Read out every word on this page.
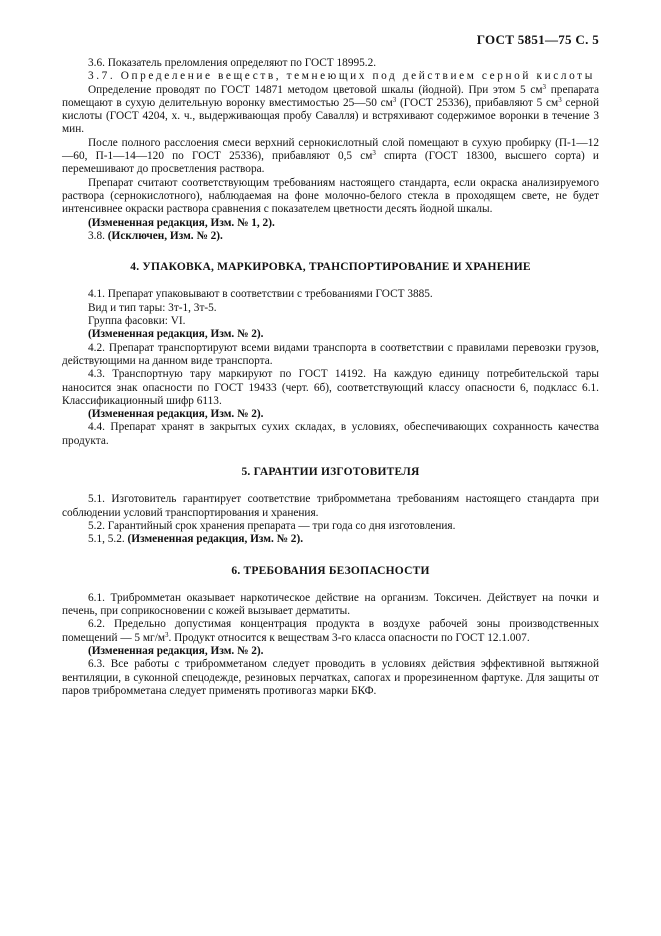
ГОСТ 5851—75 С. 5

3.6. Показатель преломления определяют по ГОСТ 18995.2.

3.7. Определение веществ, темнеющих под действием серной кислоты

Определение проводят по ГОСТ 14871 методом цветовой шкалы (йодной). При этом 5 $см^3$ препарата помещают в сухую делительную воронку вместимостью 25—50 $см^3$ (ГОСТ 25336), прибавляют 5 $см^3$ серной кислоты (ГОСТ 4204, х. ч., выдерживающая пробу Савалля) и встряхивают содержимое воронки в течение 3 мин.

После полного расслоения смеси верхний сернокислотный слой помещают в сухую пробирку (П-1—12—60, П-1—14—120 по ГОСТ 25336), прибавляют 0,5 $см^3$ спирта (ГОСТ 18300, высшего сорта) и перемешивают до просветления раствора.

Препарат считают соответствующим требованиям настоящего стандарта, если окраска анализируемого раствора (сернокислотного), наблюдаемая на фоне молочно-белого стекла в проходящем свете, не будет интенсивнее окраски раствора сравнения с показателем цветности десять йодной шкалы.

(Измененная редакция, Изм. № 1, 2).

3.8. (Исключен, Изм. № 2).

4. УПАКОВКА, МАРКИРОВКА, ТРАНСПОРТИРОВАНИЕ И ХРАНЕНИЕ

4.1. Препарат упаковывают в соответствии с требованиями ГОСТ 3885.

Вид и тип тары: 3т-1, 3т-5.

Группа фасовки: VI.

(Измененная редакция, Изм. № 2).

4.2. Препарат транспортируют всеми видами транспорта в соответствии с правилами перевозки грузов, действующими на данном виде транспорта.

4.3. Транспортную тару маркируют по ГОСТ 14192. На каждую единицу потребительской тары наносится знак опасности по ГОСТ 19433 (черт. 6б), соответствующий классу опасности 6, подкласс 6.1. Классификационный шифр 6113.

(Измененная редакция, Изм. № 2).

4.4. Препарат хранят в закрытых сухих складах, в условиях, обеспечивающих сохранность качества продукта.

5. ГАРАНТИИ ИЗГОТОВИТЕЛЯ

5.1. Изготовитель гарантирует соответствие трибромметана требованиям настоящего стандарта при соблюдении условий транспортирования и хранения.

5.2. Гарантийный срок хранения препарата — три года со дня изготовления.

5.1, 5.2. (Измененная редакция, Изм. № 2).

6. ТРЕБОВАНИЯ БЕЗОПАСНОСТИ

6.1. Трибромметан оказывает наркотическое действие на организм. Токсичен. Действует на почки и печень, при соприкосновении с кожей вызывает дерматиты.

6.2. Предельно допустимая концентрация продукта в воздухе рабочей зоны производственных помещений — 5 $мг/м^3$. Продукт относится к веществам 3-го класса опасности по ГОСТ 12.1.007.

(Измененная редакция, Изм. № 2).

6.3. Все работы с трибромметаном следует проводить в условиях действия эффективной вытяжной вентиляции, в суконной спецодежде, резиновых перчатках, сапогах и прорезиненном фартуке. Для защиты от паров трибромметана следует применять противогаз марки БКФ.
